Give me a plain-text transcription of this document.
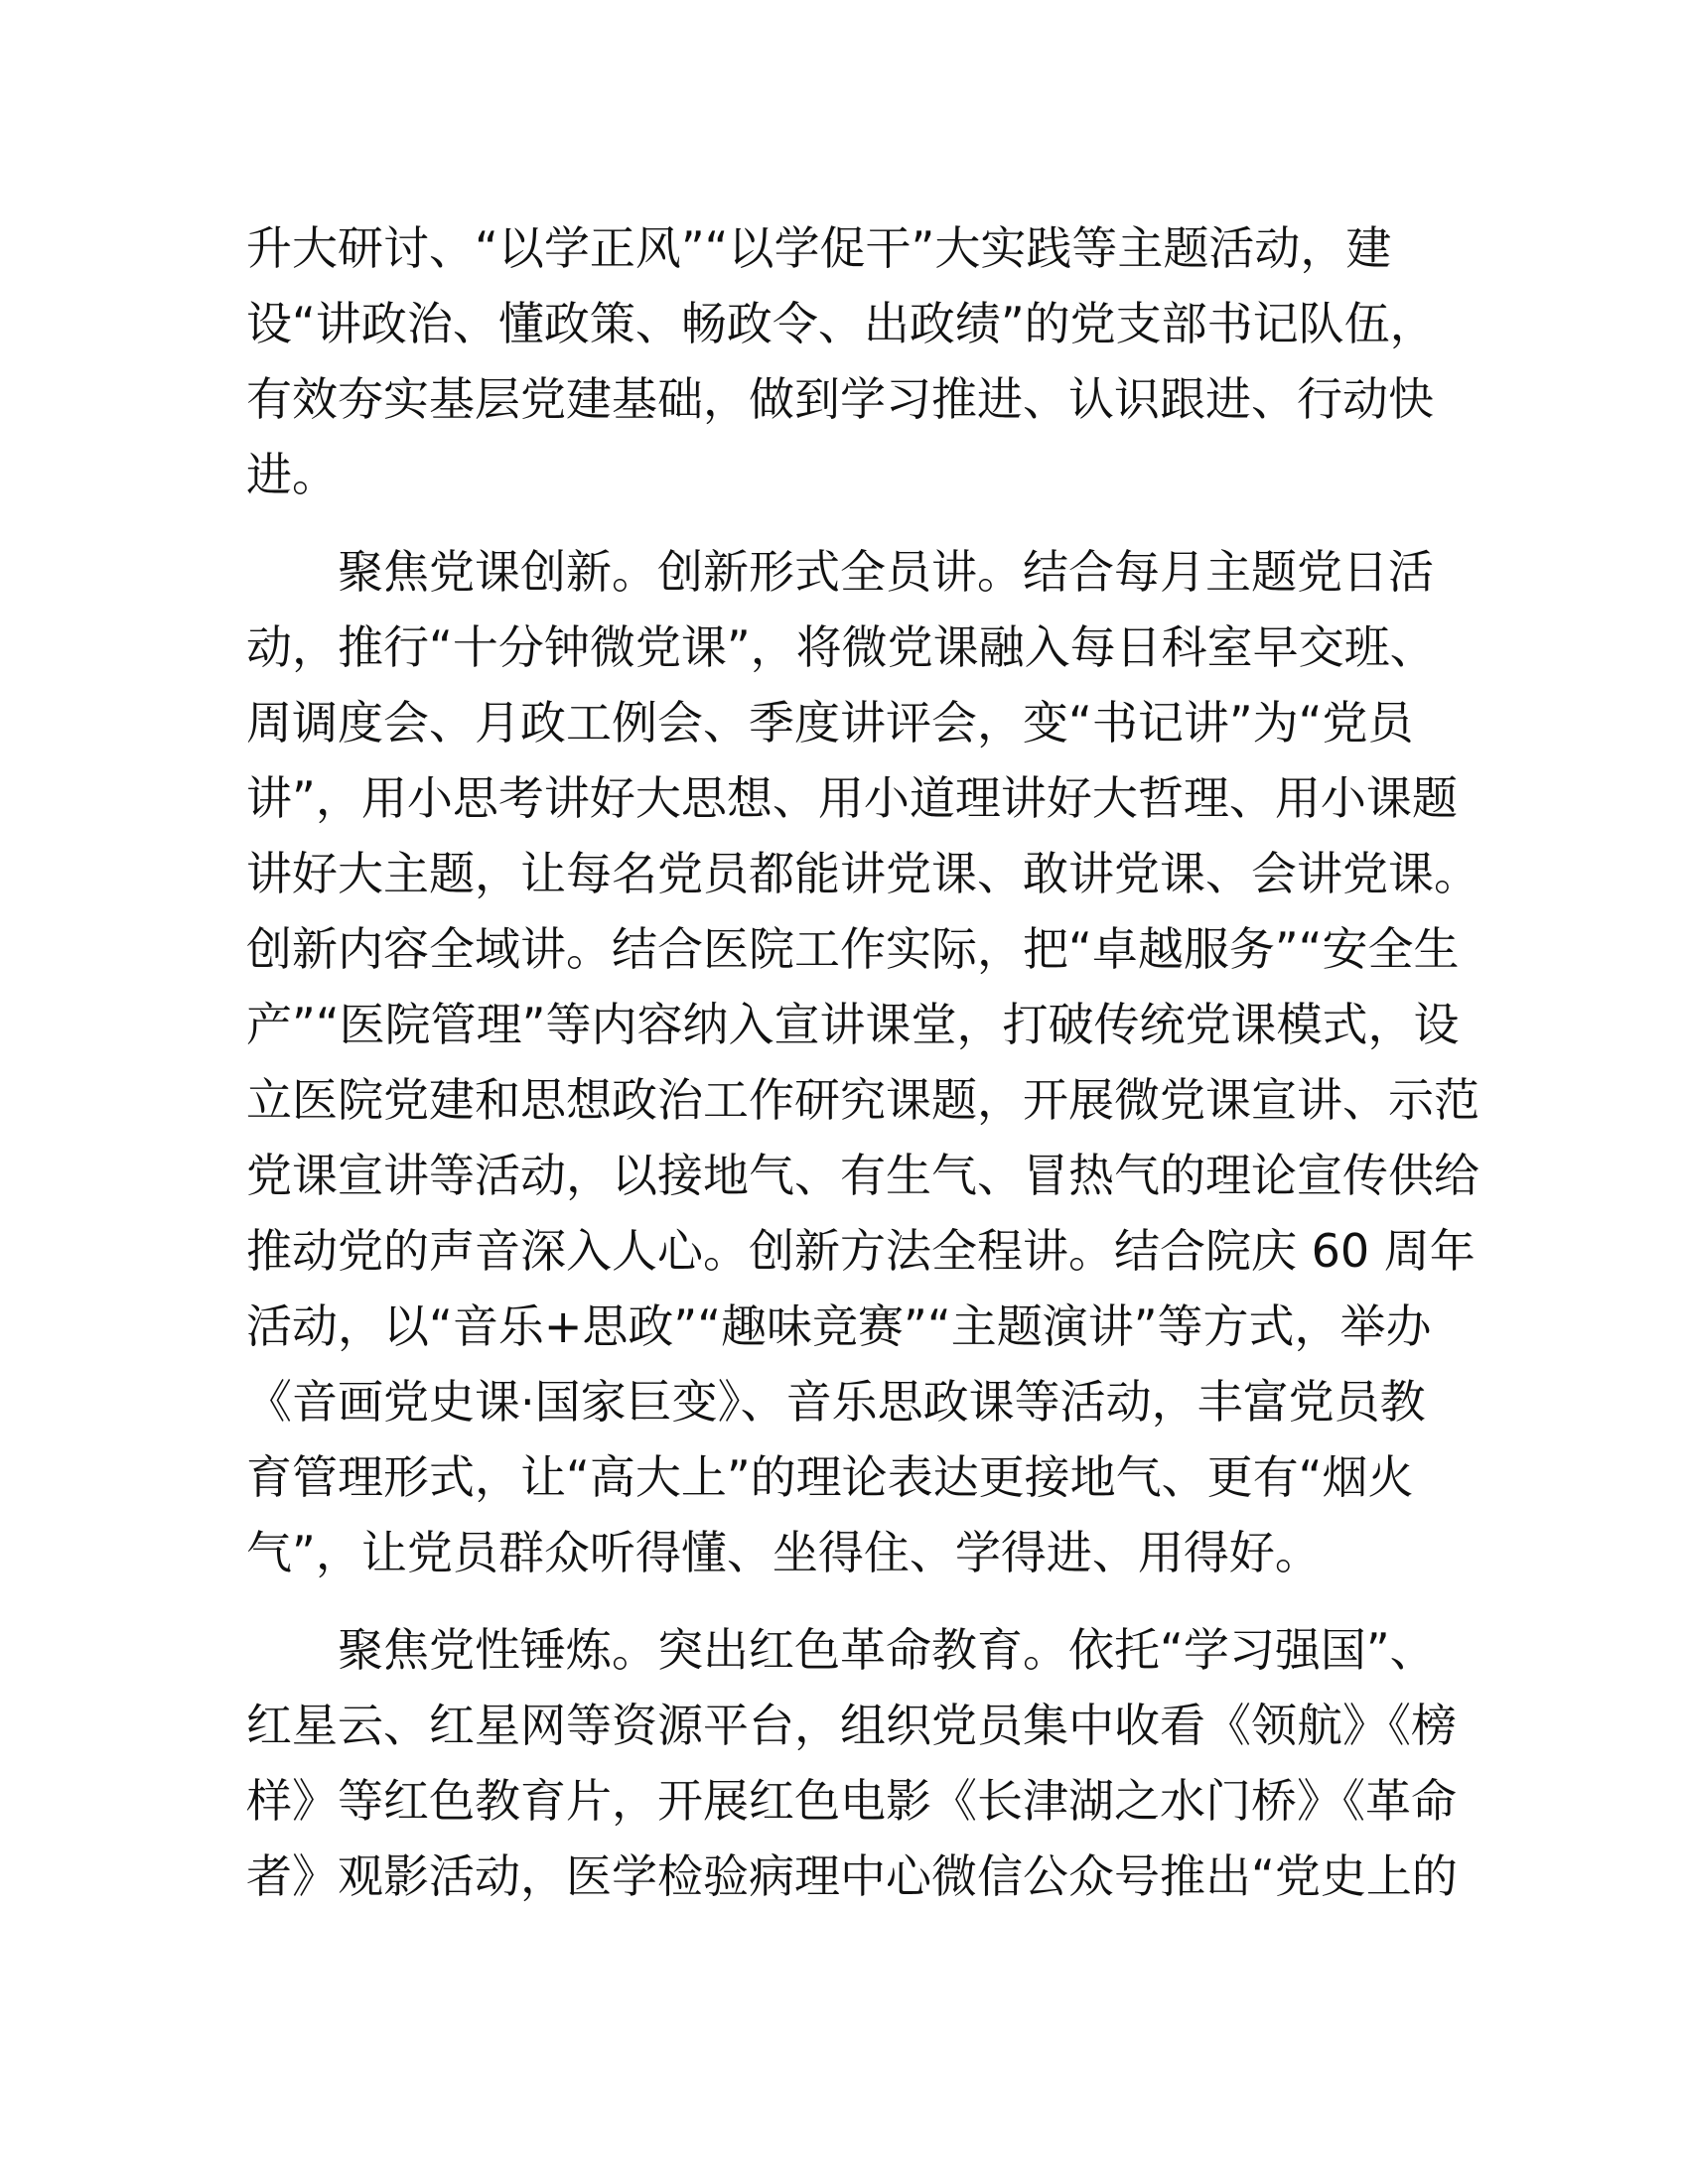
升大研讨、“以学正风”“以学促干”大实践等主题活动，建
设“讲政治、懂政策、畅政令、出政绩”的党支部书记队伍，
有效夯实基层党建基础，做到学习推进、认识跟进、行动快
进。
聚焦党课创新。创新形式全员讲。结合每月主题党日活
动，推行“十分钟微党课”，将微党课融入每日科室早交班、
周调度会、月政工例会、季度讲评会，变“书记讲”为“党员
讲”，用小思考讲好大思想、用小道理讲好大哲理、用小课题
讲好大主题，让每名党员都能讲党课、敢讲党课、会讲党课。
创新内容全域讲。结合医院工作实际，把“卓越服务”“安全生
产”“医院管理”等内容纳入宣讲课堂，打破传统党课模式，设
立医院党建和思想政治工作研究课题，开展微党课宣讲、示范
党课宣讲等活动，以接地气、有生气、冒热气的理论宣传供给
推动党的声音深入人心。创新方法全程讲。结合院庆 60 周年
活动，以“音乐+思政”“趣味竞赛”“主题演讲”等方式，举办
《音画党史课·国家巨变》、音乐思政课等活动，丰富党员教
育管理形式，让“高大上”的理论表达更接地气、更有“烟火
气”，让党员群众听得懂、坐得住、学得进、用得好。
聚焦党性锤炼。突出红色革命教育。依托“学习强国”、
红星云、红星网等资源平台，组织党员集中收看《领航》《榜
样》等红色教育片，开展红色电影《长津湖之水门桥》《革命
者》观影活动，医学检验病理中心微信公众号推出“党史上的
